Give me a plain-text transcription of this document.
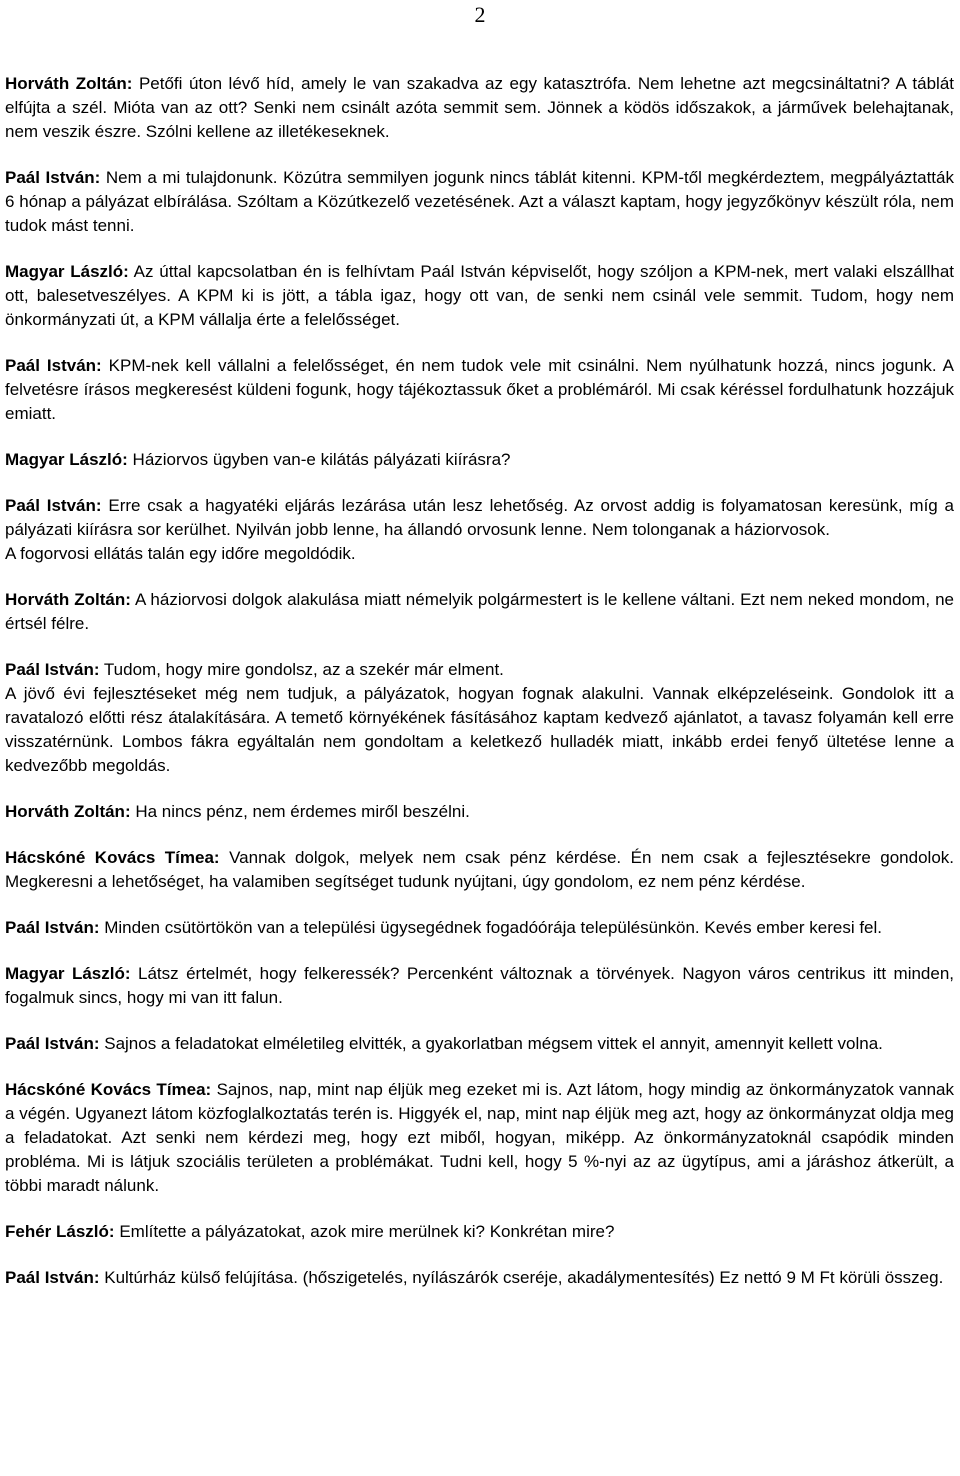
2

Horváth Zoltán: Petőfi úton lévő híd, amely le van szakadva az egy katasztrófa. Nem lehetne azt megcsináltatni? A táblát elfújta a szél. Mióta van az ott? Senki nem csinált azóta semmit sem. Jönnek a ködös időszakok, a járművek belehajtanak, nem veszik észre. Szólni kellene az illetékeseknek.

Paál István: Nem a mi tulajdonunk. Közútra semmilyen jogunk nincs táblát kitenni. KPM-től megkérdeztem, megpályáztatták 6 hónap a pályázat elbírálása. Szóltam a Közútkezelő vezetésének. Azt a választ kaptam, hogy jegyzőkönyv készült róla, nem tudok mást tenni.

Magyar László: Az úttal kapcsolatban én is felhívtam Paál István képviselőt, hogy szóljon a KPM-nek, mert valaki elszállhat ott, balesetveszélyes. A KPM ki is jött, a tábla igaz, hogy ott van, de senki nem csinál vele semmit. Tudom, hogy nem önkormányzati út, a KPM vállalja érte a felelősséget.

Paál István: KPM-nek kell vállalni a felelősséget, én nem tudok vele mit csinálni. Nem nyúlhatunk hozzá, nincs jogunk. A felvetésre írásos megkeresést küldeni fogunk, hogy tájékoztassuk őket a problémáról. Mi csak kéréssel fordulhatunk hozzájuk emiatt.

Magyar László: Háziorvos ügyben van-e kilátás pályázati kiírásra?

Paál István: Erre csak a hagyatéki eljárás lezárása után lesz lehetőség. Az orvost addig is folyamatosan keresünk, míg a pályázati kiírásra sor kerülhet. Nyilván jobb lenne, ha állandó orvosunk lenne. Nem tolonganak a háziorvosok.

A fogorvosi ellátás talán egy időre megoldódik.

Horváth Zoltán: A háziorvosi dolgok alakulása miatt némelyik polgármestert is le kellene váltani. Ezt nem neked mondom, ne értsél félre.

Paál István: Tudom, hogy mire gondolsz, az a szekér már elment.

A jövő évi fejlesztéseket még nem tudjuk, a pályázatok, hogyan fognak alakulni. Vannak elképzeléseink. Gondolok itt a ravatalozó előtti rész átalakítására. A temető környékének fásításához kaptam kedvező ajánlatot, a tavasz folyamán kell erre visszatérnünk. Lombos fákra egyáltalán nem gondoltam a keletkező hulladék miatt, inkább erdei fenyő ültetése lenne a kedvezőbb megoldás.

Horváth Zoltán: Ha nincs pénz, nem érdemes miről beszélni.

Hácskóné Kovács Tímea: Vannak dolgok, melyek nem csak pénz kérdése. Én nem csak a fejlesztésekre gondolok. Megkeresni a lehetőséget, ha valamiben segítséget tudunk nyújtani, úgy gondolom, ez nem pénz kérdése.

Paál István: Minden csütörtökön van a települési ügysegédnek fogadóórája településünkön. Kevés ember keresi fel.

Magyar László: Látsz értelmét, hogy felkeressék? Percenként változnak a törvények. Nagyon város centrikus itt minden, fogalmuk sincs, hogy mi van itt falun.

Paál István: Sajnos a feladatokat elméletileg elvitték, a gyakorlatban mégsem vittek el annyit, amennyit kellett volna.

Hácskóné Kovács Tímea: Sajnos, nap, mint nap éljük meg ezeket mi is. Azt látom, hogy mindig az önkormányzatok vannak a végén. Ugyanezt látom közfoglalkoztatás terén is. Higgyék el, nap, mint nap éljük meg azt, hogy az önkormányzat oldja meg a feladatokat. Azt senki nem kérdezi meg, hogy ezt miből, hogyan, miképp. Az önkormányzatoknál csapódik minden probléma. Mi is látjuk szociális területen a problémákat. Tudni kell, hogy 5 %-nyi az az ügytípus, ami a járáshoz átkerült, a többi maradt nálunk.

Fehér László: Említette a pályázatokat, azok mire merülnek ki? Konkrétan mire?

Paál István: Kultúrház külső felújítása. (hőszigetelés, nyílászárók cseréje, akadálymentesítés) Ez nettó 9 M Ft körüli összeg.
